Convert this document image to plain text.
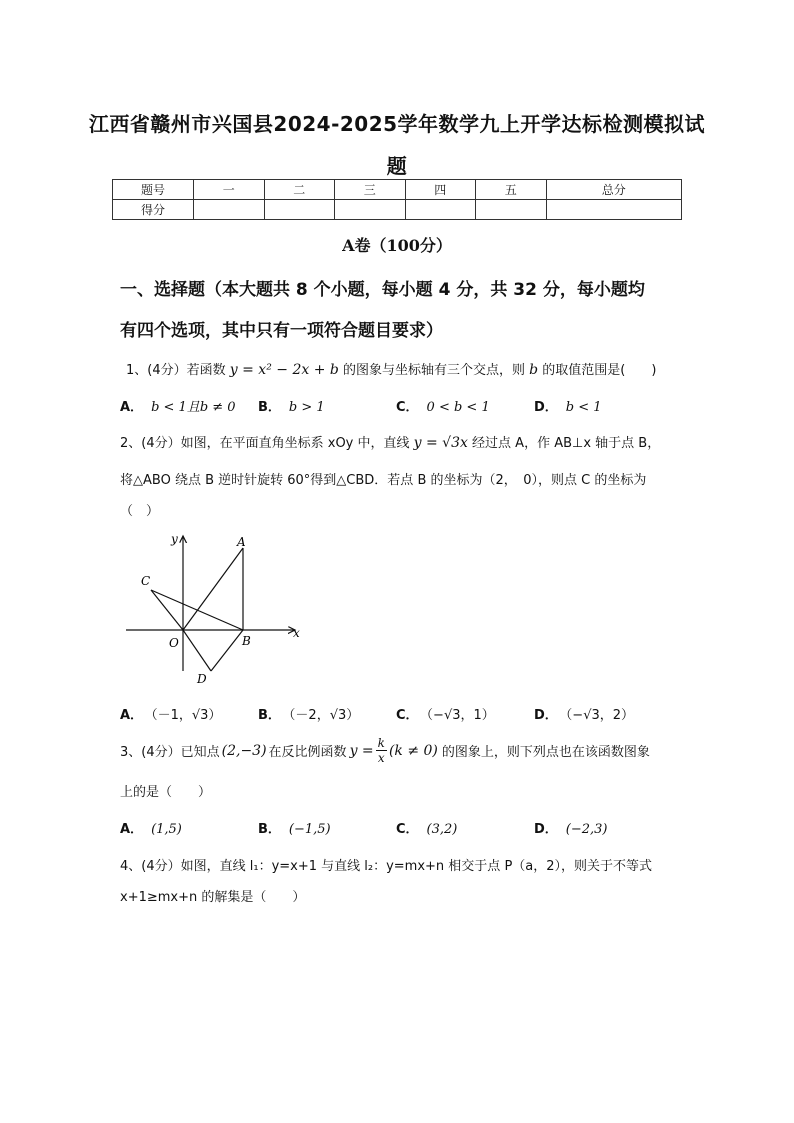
江西省赣州市兴国县2024-2025学年数学九上开学达标检测模拟试
题
题号	一	二	三	四	五	总分
得分						
A卷（100分）
一、选择题（本大题共 8 个小题，每小题 4 分，共 32 分，每小题均
有四个选项，其中只有一项符合题目要求）
1、(4分）若函数 y = x² − 2x + b 的图象与坐标轴有三个交点，则 b 的取值范围是(　　)
A． b < 1且b ≠ 0 B． b > 1	C． 0 < b < 1	D． b < 1
2、(4分）如图，在平面直角坐标系 xOy 中，直线 y = √3x 经过点 A，作 AB⊥x 轴于点 B，
将△ABO 绕点 B 逆时针旋转 60°得到△CBD．若点 B 的坐标为（2，　0），则点 C 的坐标为
（　）
y
x
A
B
C
D
O
A． （－1，√3）	B． （－2，√3）	C． （−√3，1）	D． （−√3，2）
3、(4分）已知点 (2,−3) 在反比例函数 $y = \frac{k}{x} (k \ne 0)$ 的图象上，则下列点也在该函数图象
上的是（　　）
A． (1,5)	B． (−1,5)	C． (3,2)	D． (−2,3)
4、(4分）如图，直线 l₁：y=x+1 与直线 l₂：y=mx+n 相交于点 P（a，2），则关于不等式
x+1≥mx+n 的解集是（　　）
